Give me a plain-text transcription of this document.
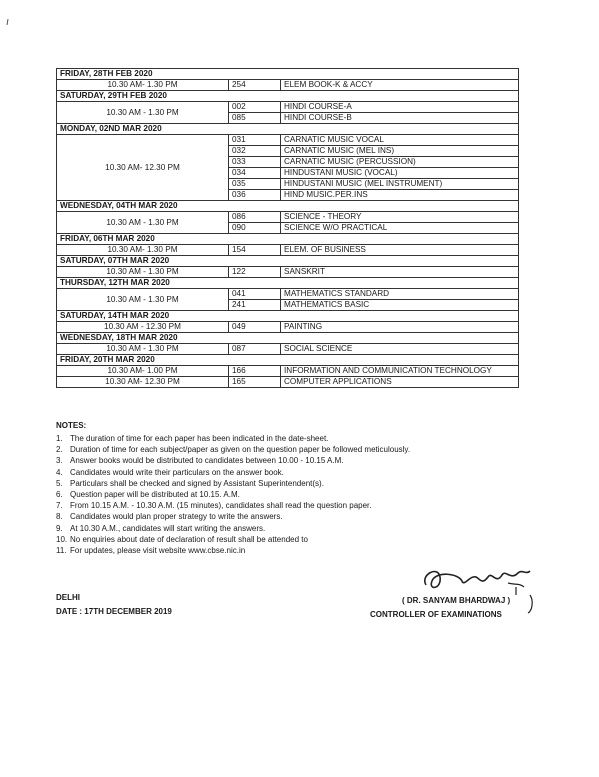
FRIDAY, 28TH FEB 2020		
10.30 AM- 1.30 PM	254	ELEM BOOK-K & ACCY
SATURDAY, 29TH FEB 2020		
10.30 AM - 1.30 PM	002	HINDI COURSE-A
	085	HINDI COURSE-B
MONDAY, 02ND MAR 2020		
10.30 AM- 12.30 PM	031	CARNATIC MUSIC VOCAL
	032	CARNATIC MUSIC (MEL INS)
	033	CARNATIC MUSIC (PERCUSSION)
	034	HINDUSTANI MUSIC (VOCAL)
	035	HINDUSTANI MUSIC (MEL INSTRUMENT)
	036	HIND MUSIC.PER.INS
WEDNESDAY, 04TH MAR 2020		
10.30 AM - 1.30 PM	086	SCIENCE - THEORY
	090	SCIENCE W/O PRACTICAL
FRIDAY, 06TH MAR 2020		
10.30 AM- 1.30 PM	154	ELEM. OF BUSINESS
SATURDAY, 07TH MAR 2020		
10.30 AM - 1.30 PM	122	SANSKRIT
THURSDAY, 12TH MAR 2020		
10.30 AM - 1.30 PM	041	MATHEMATICS STANDARD
	241	MATHEMATICS BASIC
SATURDAY, 14TH MAR 2020		
10.30 AM - 12.30 PM	049	PAINTING
WEDNESDAY, 18TH MAR 2020		
10.30 AM - 1.30 PM	087	SOCIAL SCIENCE
FRIDAY, 20TH MAR 2020		
10.30 AM- 1.00 PM	166	INFORMATION AND COMMUNICATION TECHNOLOGY
10.30 AM- 12.30 PM	165	COMPUTER APPLICATIONS
NOTES:
1. The duration of time for each paper has been indicated in the date-sheet.
2. Duration of time for each subject/paper as given on the question paper be followed meticulously.
3. Answer books would be distributed to candidates between 10.00 - 10.15 A.M.
4. Candidates would write their particulars on the answer book.
5. Particulars shall be checked and signed by Assistant Superintendent(s).
6. Question paper will be distributed at 10.15. A.M.
7. From 10.15 A.M. - 10.30 A.M. (15 minutes), candidates shall read the question paper.
8. Candidates would plan proper strategy to write the answers.
9. At 10.30 A.M., candidates will start writing the answers.
10. No enquiries about date of declaration of result shall be attended to
11. For updates, please visit website www.cbse.nic.in
DELHI
DATE : 17TH DECEMBER 2019
( DR. SANYAM BHARDWAJ )
CONTROLLER OF EXAMINATIONS
